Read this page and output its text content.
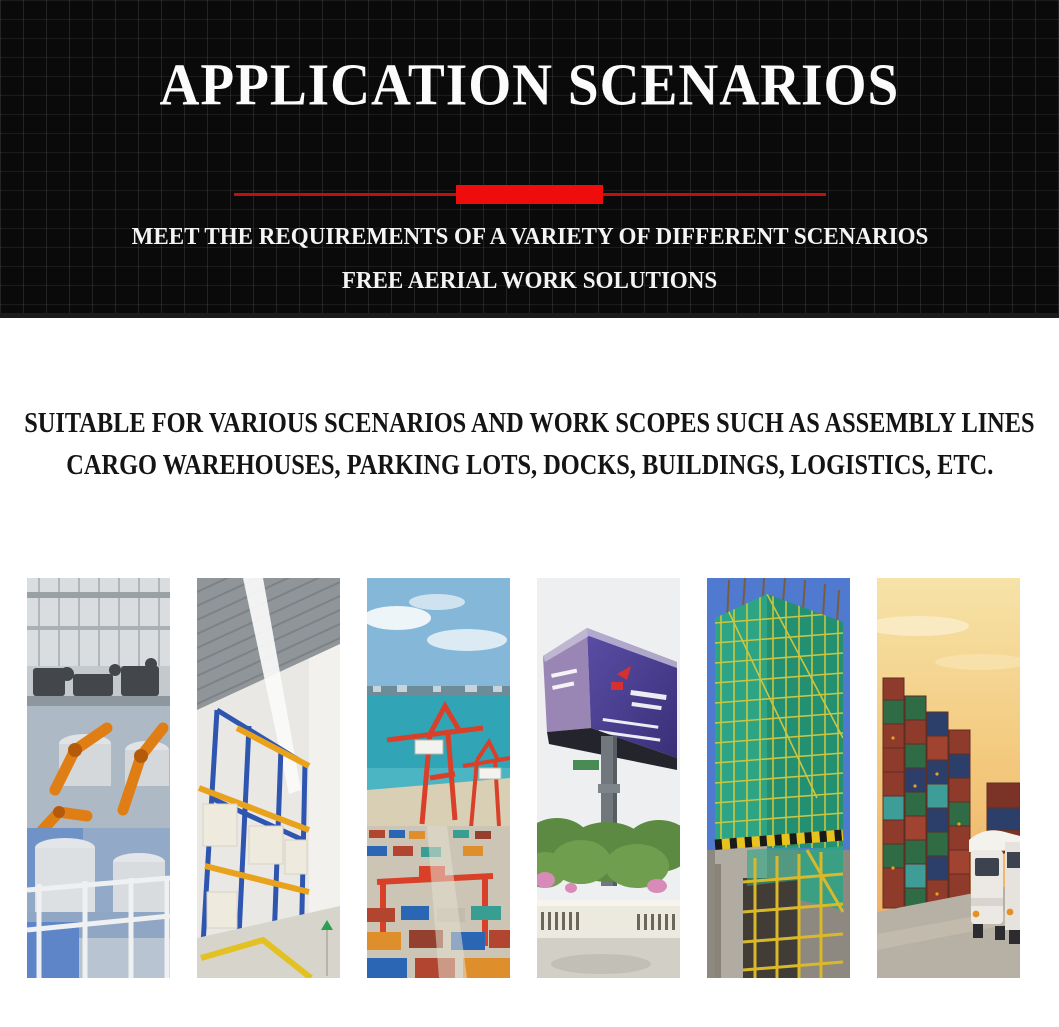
APPLICATION SCENARIOS
MEET THE REQUIREMENTS OF A VARIETY OF DIFFERENT SCENARIOS
FREE AERIAL WORK SOLUTIONS
SUITABLE FOR VARIOUS SCENARIOS AND WORK SCOPES SUCH AS ASSEMBLY LINES
CARGO WAREHOUSES, PARKING LOTS, DOCKS, BUILDINGS, LOGISTICS, ETC.
